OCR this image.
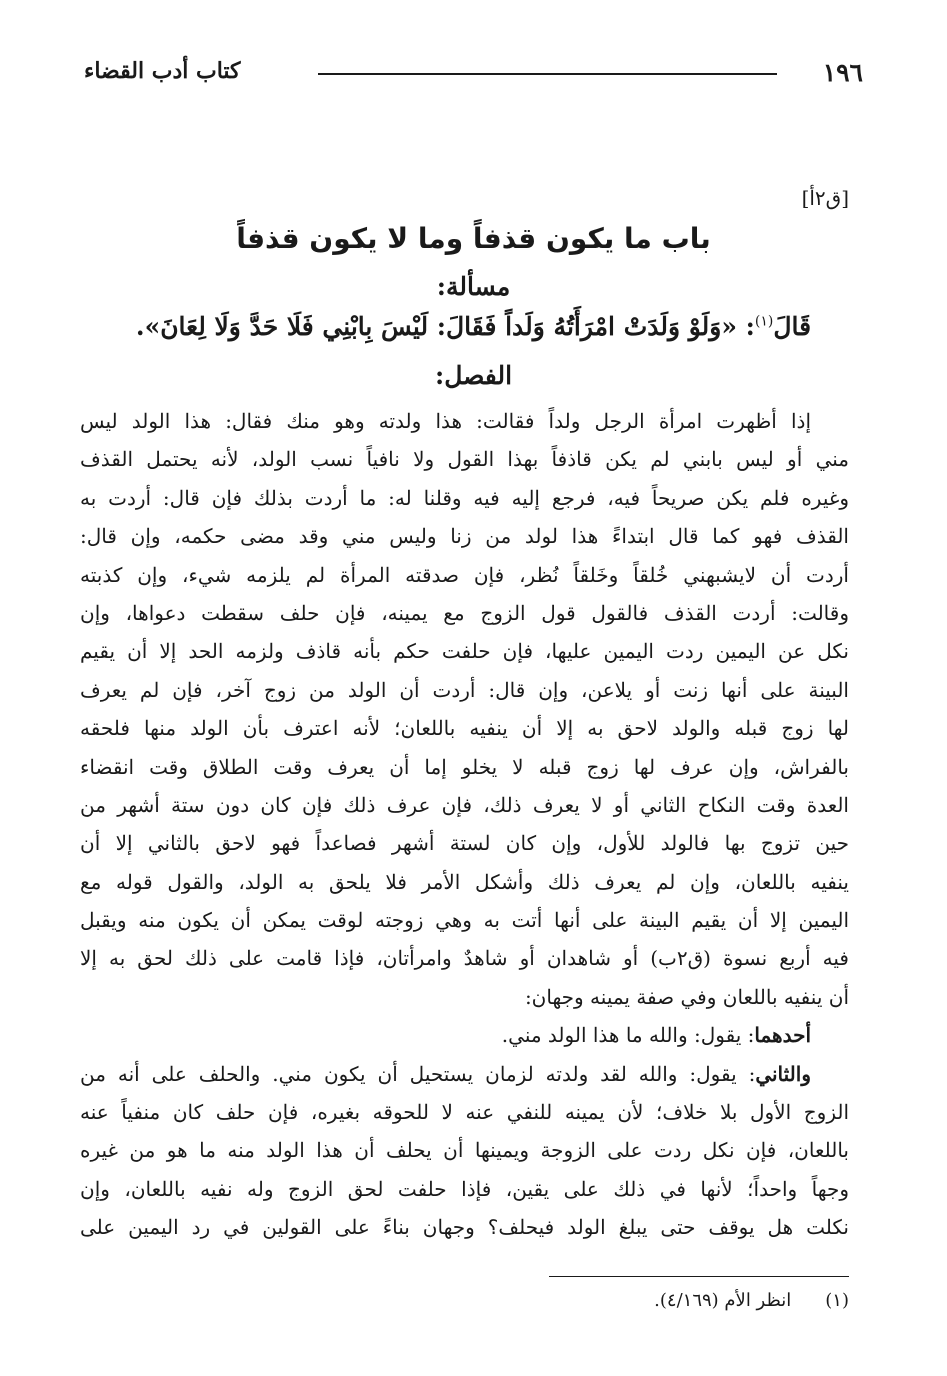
١٩٦
كتاب أدب القضاء
[ق٢أ]
باب ما يكون قذفاً وما لا يكون قذفاً
مسألة:
قَالَ$^{(١)}$: «وَلَوْ وَلَدَتْ امْرَأَتُهُ وَلَداً فَقَالَ: لَيْسَ بِابْنِي فَلَا حَدَّ وَلَا لِعَانَ».
الفصل:
إذا أظهرت امرأة الرجل ولداً فقالت: هذا ولدته وهو منك فقال: هذا الولد ليس
مني أو ليس بابني لم يكن قاذفاً بهذا القول ولا نافياً نسب الولد، لأنه يحتمل القذف
وغيره فلم يكن صريحاً فيه، فرجع إليه فيه وقلنا له: ما أردت بذلك فإن قال: أردت به
القذف فهو كما قال ابتداءً هذا لولد من زنا وليس مني وقد مضى حكمه، وإن قال:
أردت أن لايشبهني خُلقاً وخَلقاً نُظر، فإن صدقته المرأة لم يلزمه شيء، وإن كذبته
وقالت: أردت القذف فالقول قول الزوج مع يمينه، فإن حلف سقطت دعواها، وإن
نكل عن اليمين ردت اليمين عليها، فإن حلفت حكم بأنه قاذف ولزمه الحد إلا أن يقيم
البينة على أنها زنت أو يلاعن، وإن قال: أردت أن الولد من زوج آخر، فإن لم يعرف
لها زوج قبله والولد لاحق به إلا أن ينفيه باللعان؛ لأنه اعترف بأن الولد منها فلحقه
بالفراش، وإن عرف لها زوج قبله لا يخلو إما أن يعرف وقت الطلاق وقت انقضاء
العدة وقت النكاح الثاني أو لا يعرف ذلك، فإن عرف ذلك فإن كان دون ستة أشهر من
حين تزوج بها فالولد للأول، وإن كان لستة أشهر فصاعداً فهو لاحق بالثاني إلا أن
ينفيه باللعان، وإن لم يعرف ذلك وأشكل الأمر فلا يلحق به الولد، والقول قوله مع
اليمين إلا أن يقيم البينة على أنها أتت به وهي زوجته لوقت يمكن أن يكون منه ويقبل
فيه أربع نسوة (ق٢ب) أو شاهدان أو شاهدٌ وامرأتان، فإذا قامت على ذلك لحق به إلا
أن ينفيه باللعان وفي صفة يمينه وجهان:
أحدهما: يقول: والله ما هذا الولد مني.
والثاني: يقول: والله لقد ولدته لزمان يستحيل أن يكون مني. والحلف على أنه من
الزوج الأول بلا خلاف؛ لأن يمينه للنفي عنه لا للحوقه بغيره، فإن حلف كان منفياً عنه
باللعان، فإن نكل ردت على الزوجة ويمينها أن يحلف أن هذا الولد منه ما هو من غيره
وجهاً واحداً؛ لأنها في ذلك على يقين، فإذا حلفت لحق الزوج وله نفيه باللعان، وإن
نكلت هل يوقف حتى يبلغ الولد فيحلف؟ وجهان بناءً على القولين في رد اليمين على
(١)انظر الأم (٤/١٦٩).
